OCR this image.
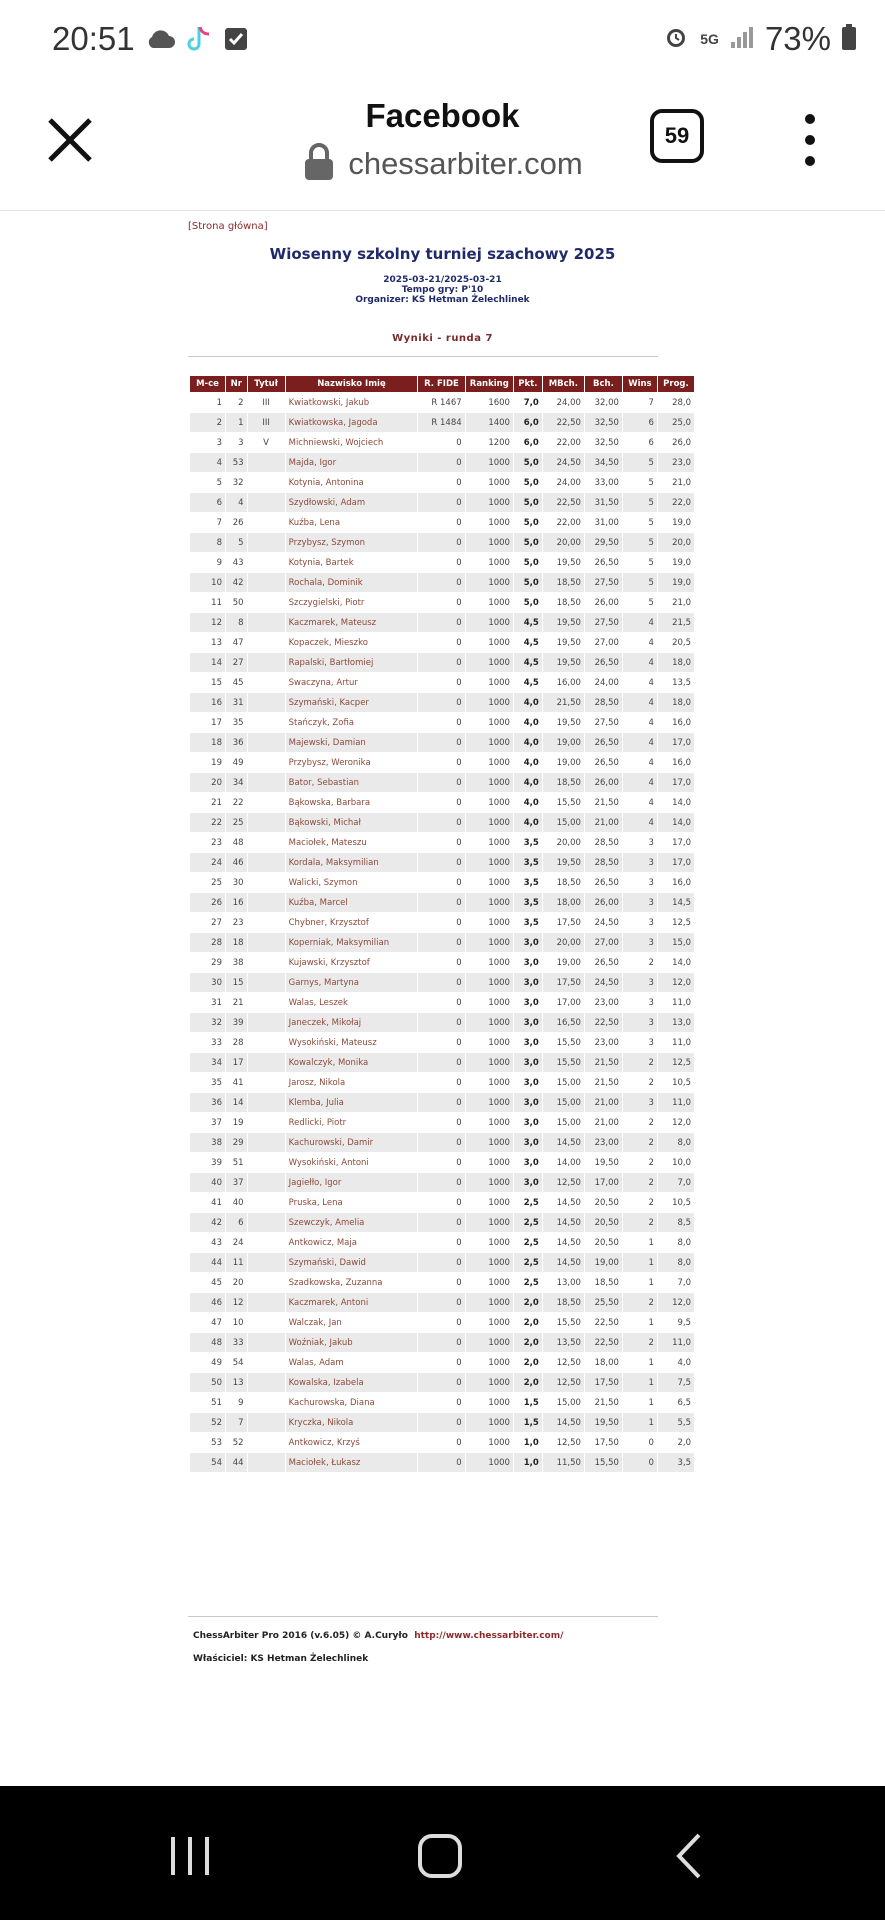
20:51	5G 73%
Facebook
chessarbiter.com
59
[Strona główna]
Wiosenny szkolny turniej szachowy 2025
2025-03-21/2025-03-21
Tempo gry: P'10
Organizer: KS Hetman Żelechlinek
Wyniki - runda 7
M-ce	Nr	Tytuł	Nazwisko Imię	R. FIDE	Ranking	Pkt.	MBch.	Bch.	Wins	Prog.
1	2	III	Kwiatkowski, Jakub	R 1467	1600	7,0	24,00	32,00	7	28,0
2	1	III	Kwiatkowska, Jagoda	R 1484	1400	6,0	22,50	32,50	6	25,0
3	3	V	Michniewski, Wojciech	0	1200	6,0	22,00	32,50	6	26,0
4	53		Majda, Igor	0	1000	5,0	24,50	34,50	5	23,0
5	32		Kotynia, Antonina	0	1000	5,0	24,00	33,00	5	21,0
6	4		Szydłowski, Adam	0	1000	5,0	22,50	31,50	5	22,0
7	26		Kuźba, Lena	0	1000	5,0	22,00	31,00	5	19,0
8	5		Przybysz, Szymon	0	1000	5,0	20,00	29,50	5	20,0
9	43		Kotynia, Bartek	0	1000	5,0	19,50	26,50	5	19,0
10	42		Rochala, Dominik	0	1000	5,0	18,50	27,50	5	19,0
11	50		Szczygielski, Piotr	0	1000	5,0	18,50	26,00	5	21,0
12	8		Kaczmarek, Mateusz	0	1000	4,5	19,50	27,50	4	21,5
13	47		Kopaczek, Mieszko	0	1000	4,5	19,50	27,00	4	20,5
14	27		Rapalski, Bartłomiej	0	1000	4,5	19,50	26,50	4	18,0
15	45		Swaczyna, Artur	0	1000	4,5	16,00	24,00	4	13,5
16	31		Szymański, Kacper	0	1000	4,0	21,50	28,50	4	18,0
17	35		Stańczyk, Zofia	0	1000	4,0	19,50	27,50	4	16,0
18	36		Majewski, Damian	0	1000	4,0	19,00	26,50	4	17,0
19	49		Przybysz, Weronika	0	1000	4,0	19,00	26,50	4	16,0
20	34		Bator, Sebastian	0	1000	4,0	18,50	26,00	4	17,0
21	22		Bąkowska, Barbara	0	1000	4,0	15,50	21,50	4	14,0
22	25		Bąkowski, Michał	0	1000	4,0	15,00	21,00	4	14,0
23	48		Maciołek, Mateszu	0	1000	3,5	20,00	28,50	3	17,0
24	46		Kordala, Maksymilian	0	1000	3,5	19,50	28,50	3	17,0
25	30		Walicki, Szymon	0	1000	3,5	18,50	26,50	3	16,0
26	16		Kuźba, Marcel	0	1000	3,5	18,00	26,00	3	14,5
27	23		Chybner, Krzysztof	0	1000	3,5	17,50	24,50	3	12,5
28	18		Koperniak, Maksymilian	0	1000	3,0	20,00	27,00	3	15,0
29	38		Kujawski, Krzysztof	0	1000	3,0	19,00	26,50	2	14,0
30	15		Garnys, Martyna	0	1000	3,0	17,50	24,50	3	12,0
31	21		Walas, Leszek	0	1000	3,0	17,00	23,00	3	11,0
32	39		Janeczek, Mikołaj	0	1000	3,0	16,50	22,50	3	13,0
33	28		Wysokiński, Mateusz	0	1000	3,0	15,50	23,00	3	11,0
34	17		Kowalczyk, Monika	0	1000	3,0	15,50	21,50	2	12,5
35	41		Jarosz, Nikola	0	1000	3,0	15,00	21,50	2	10,5
36	14		Klemba, Julia	0	1000	3,0	15,00	21,00	3	11,0
37	19		Redlicki, Piotr	0	1000	3,0	15,00	21,00	2	12,0
38	29		Kachurowski, Damir	0	1000	3,0	14,50	23,00	2	8,0
39	51		Wysokiński, Antoni	0	1000	3,0	14,00	19,50	2	10,0
40	37		Jagiełło, Igor	0	1000	3,0	12,50	17,00	2	7,0
41	40		Pruska, Lena	0	1000	2,5	14,50	20,50	2	10,5
42	6		Szewczyk, Amelia	0	1000	2,5	14,50	20,50	2	8,5
43	24		Antkowicz, Maja	0	1000	2,5	14,50	20,50	1	8,0
44	11		Szymański, Dawid	0	1000	2,5	14,50	19,00	1	8,0
45	20		Szadkowska, Zuzanna	0	1000	2,5	13,00	18,50	1	7,0
46	12		Kaczmarek, Antoni	0	1000	2,0	18,50	25,50	2	12,0
47	10		Walczak, Jan	0	1000	2,0	15,50	22,50	1	9,5
48	33		Woźniak, Jakub	0	1000	2,0	13,50	22,50	2	11,0
49	54		Walas, Adam	0	1000	2,0	12,50	18,00	1	4,0
50	13		Kowalska, Izabela	0	1000	2,0	12,50	17,50	1	7,5
51	9		Kachurowska, Diana	0	1000	1,5	15,00	21,50	1	6,5
52	7		Kryczka, Nikola	0	1000	1,5	14,50	19,50	1	5,5
53	52		Antkowicz, Krzyś	0	1000	1,0	12,50	17,50	0	2,0
54	44		Maciołek, Łukasz	0	1000	1,0	11,50	15,50	0	3,5
ChessArbiter Pro 2016 (v.6.05) © A.Curyło http://www.chessarbiter.com/
Właściciel: KS Hetman Żelechlinek
